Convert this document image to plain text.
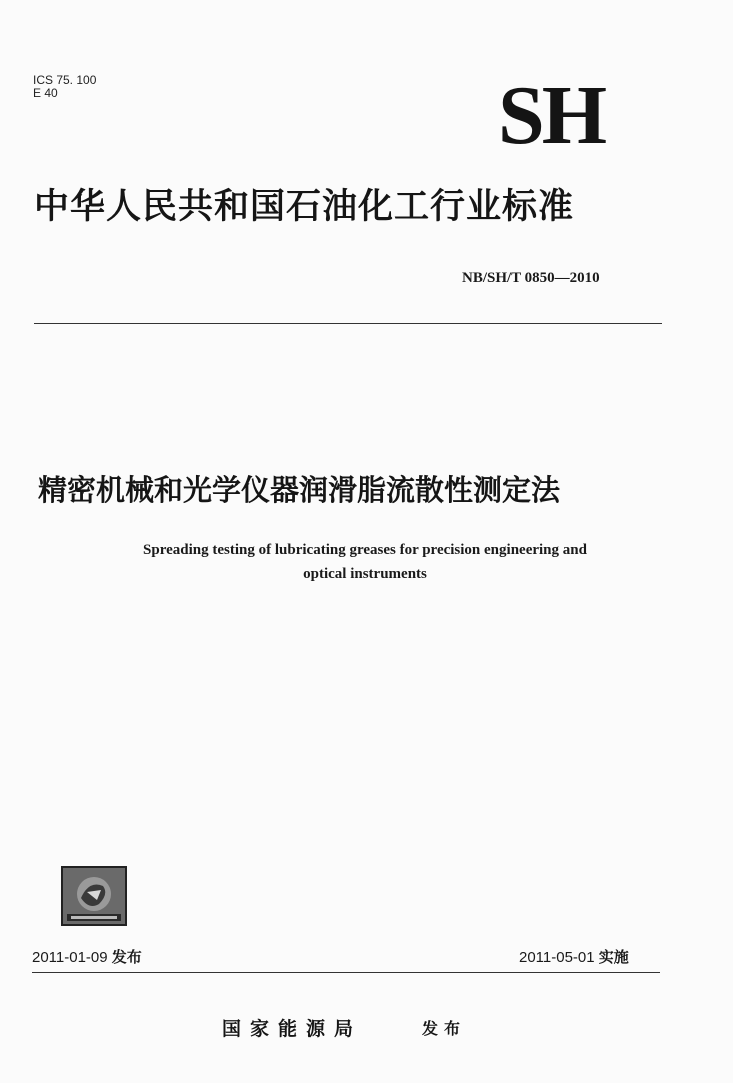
ICS 75. 100
E 40	SH
中华人民共和国石油化工行业标准
NB/SH/T 0850—2010
精密机械和光学仪器润滑脂流散性测定法
Spreading testing of lubricating greases for precision engineering and
optical instruments
2011-01-09 发布	2011-05-01 实施
国家能源局	发布
